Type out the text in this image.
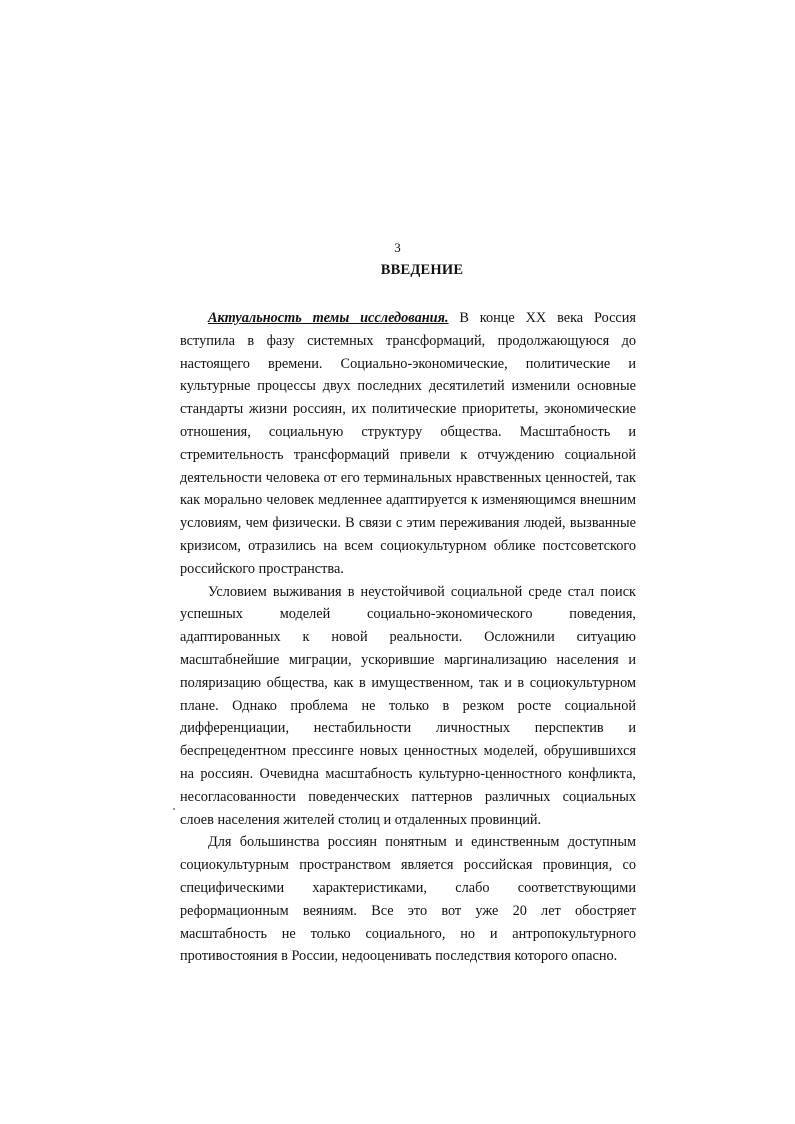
3
ВВЕДЕНИЕ

Актуальность темы исследования. В конце XX века Россия вступила в фазу системных трансформаций, продолжающуюся до настоящего времени. Социально-экономические, политические и культурные процессы двух последних десятилетий изменили основные стандарты жизни россиян, их политические приоритеты, экономические отношения, социальную структуру общества. Масштабность и стремительность трансформаций привели к отчуждению социальной деятельности человека от его терминальных нравственных ценностей, так как морально человек медленнее адаптируется к изменяющимся внешним условиям, чем физически. В связи с этим переживания людей, вызванные кризисом, отразились на всем социокультурном облике постсоветского российского пространства.

Условием выживания в неустойчивой социальной среде стал поиск успешных моделей социально-экономического поведения, адаптированных к новой реальности. Осложнили ситуацию масштабнейшие миграции, ускорившие маргинализацию населения и поляризацию общества, как в имущественном, так и в социокультурном плане. Однако проблема не только в резком росте социальной дифференциации, нестабильности личностных перспектив и беспрецедентном прессинге новых ценностных моделей, обрушившихся на россиян. Очевидна масштабность культурно-ценностного конфликта, несогласованности поведенческих паттернов различных социальных слоев населения жителей столиц и отдаленных провинций.

Для большинства россиян понятным и единственным доступным социокультурным пространством является российская провинция, со специфическими характеристиками, слабо соответствующими реформационным веяниям. Все это вот уже 20 лет обостряет масштабность не только социального, но и антропокультурного противостояния в России, недооценивать последствия которого опасно.
